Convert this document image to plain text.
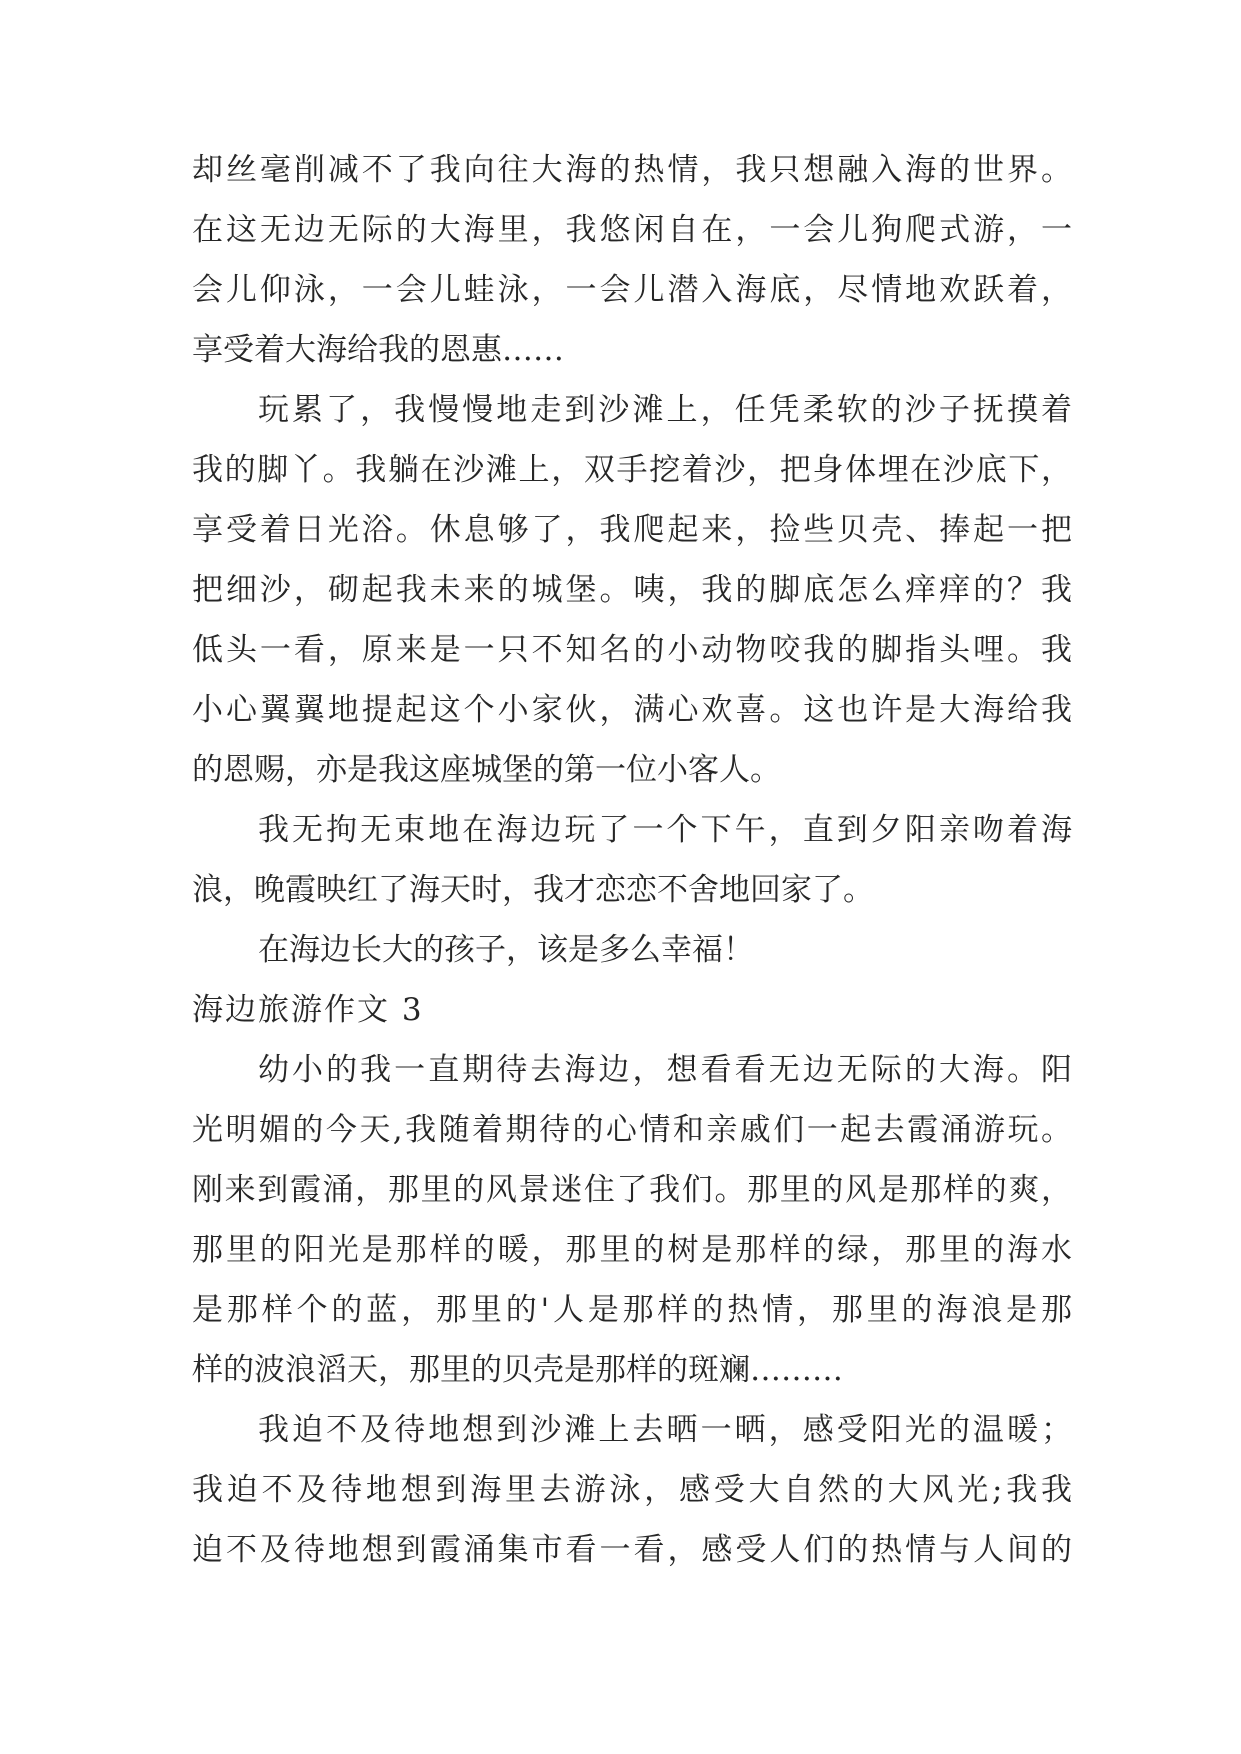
却丝毫削减不了我向往大海的热情，我只想融入海的世界。
在这无边无际的大海里，我悠闲自在，一会儿狗爬式游，一
会儿仰泳，一会儿蛙泳，一会儿潜入海底，尽情地欢跃着，
享受着大海给我的恩惠……
玩累了，我慢慢地走到沙滩上，任凭柔软的沙子抚摸着
我的脚丫。我躺在沙滩上，双手挖着沙，把身体埋在沙底下，
享受着日光浴。休息够了，我爬起来，捡些贝壳、捧起一把
把细沙，砌起我未来的城堡。咦，我的脚底怎么痒痒的？我
低头一看，原来是一只不知名的小动物咬我的脚指头哩。我
小心翼翼地提起这个小家伙，满心欢喜。这也许是大海给我
的恩赐，亦是我这座城堡的第一位小客人。
我无拘无束地在海边玩了一个下午，直到夕阳亲吻着海
浪，晚霞映红了海天时，我才恋恋不舍地回家了。
在海边长大的孩子，该是多么幸福！
海边旅游作文 3
幼小的我一直期待去海边，想看看无边无际的大海。阳
光明媚的今天,我随着期待的心情和亲戚们一起去霞涌游玩。
刚来到霞涌，那里的风景迷住了我们。那里的风是那样的爽，
那里的阳光是那样的暖，那里的树是那样的绿，那里的海水
是那样个的蓝，那里的'人是那样的热情，那里的海浪是那
样的波浪滔天，那里的贝壳是那样的斑斓………
我迫不及待地想到沙滩上去晒一晒，感受阳光的温暖；
我迫不及待地想到海里去游泳，感受大自然的大风光;我我
迫不及待地想到霞涌集市看一看，感受人们的热情与人间的
